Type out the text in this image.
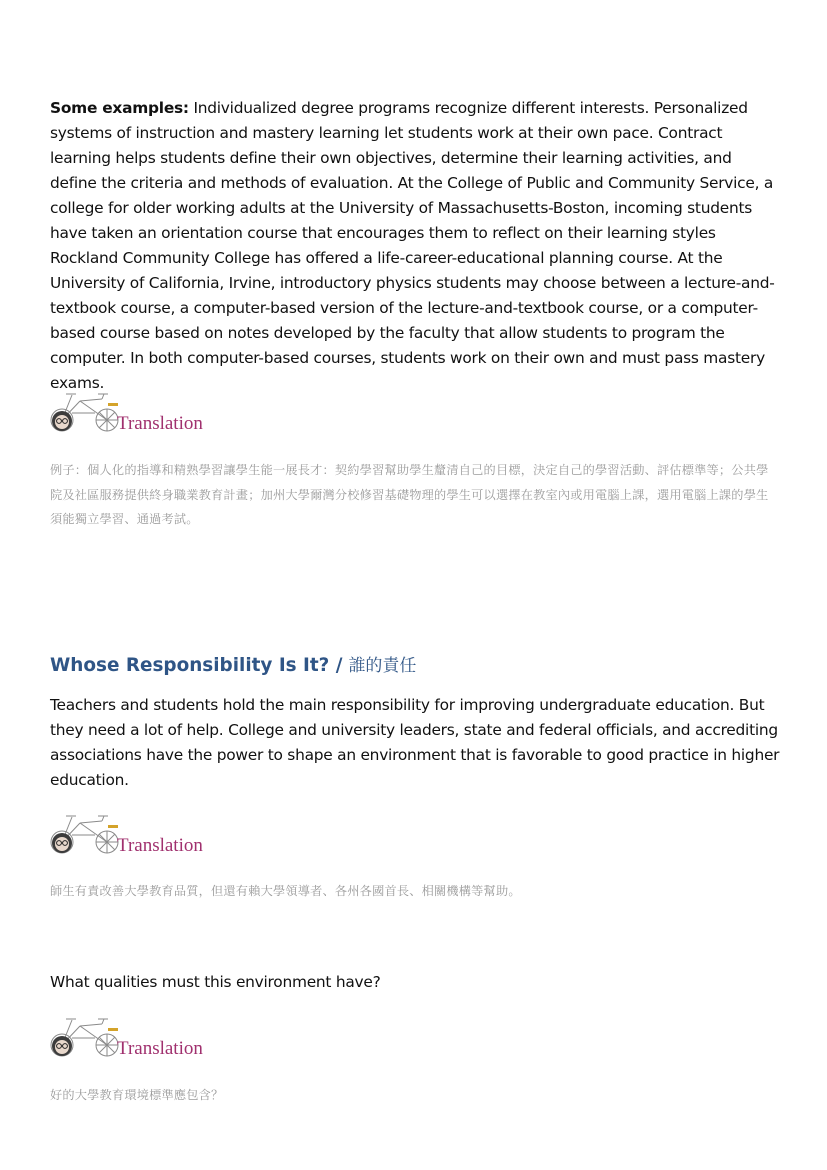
Some examples: Individualized degree programs recognize different interests. Personalized systems of instruction and mastery learning let students work at their own pace. Contract learning helps students define their own objectives, determine their learning activities, and define the criteria and methods of evaluation. At the College of Public and Community Service, a college for older working adults at the University of Massachusetts-Boston, incoming students have taken an orientation course that encourages them to reflect on their learning styles Rockland Community College has offered a life-career-educational planning course. At the University of California, Irvine, introductory physics students may choose between a lecture-and-textbook course, a computer-based version of the lecture-and-textbook course, or a computer-based course based on notes developed by the faculty that allow students to program the computer. In both computer-based courses, students work on their own and must pass mastery exams.

Translation

例子：個人化的指導和精熟學習讓學生能一展長才：契約學習幫助學生釐清自己的目標，決定自己的學習活動、評估標準等；公共學院及社區服務提供終身職業教育計畫；加州大學爾灣分校修習基礎物理的學生可以選擇在教室內或用電腦上課，選用電腦上課的學生須能獨立學習、通過考試。

Whose Responsibility Is It? / 誰的責任

Teachers and students hold the main responsibility for improving undergraduate education. But they need a lot of help. College and university leaders, state and federal officials, and accrediting associations have the power to shape an environment that is favorable to good practice in higher education.

Translation

師生有責改善大學教育品質，但還有賴大學領導者、各州各國首長、相關機構等幫助。

What qualities must this environment have?

Translation

好的大學教育環境標準應包含？
